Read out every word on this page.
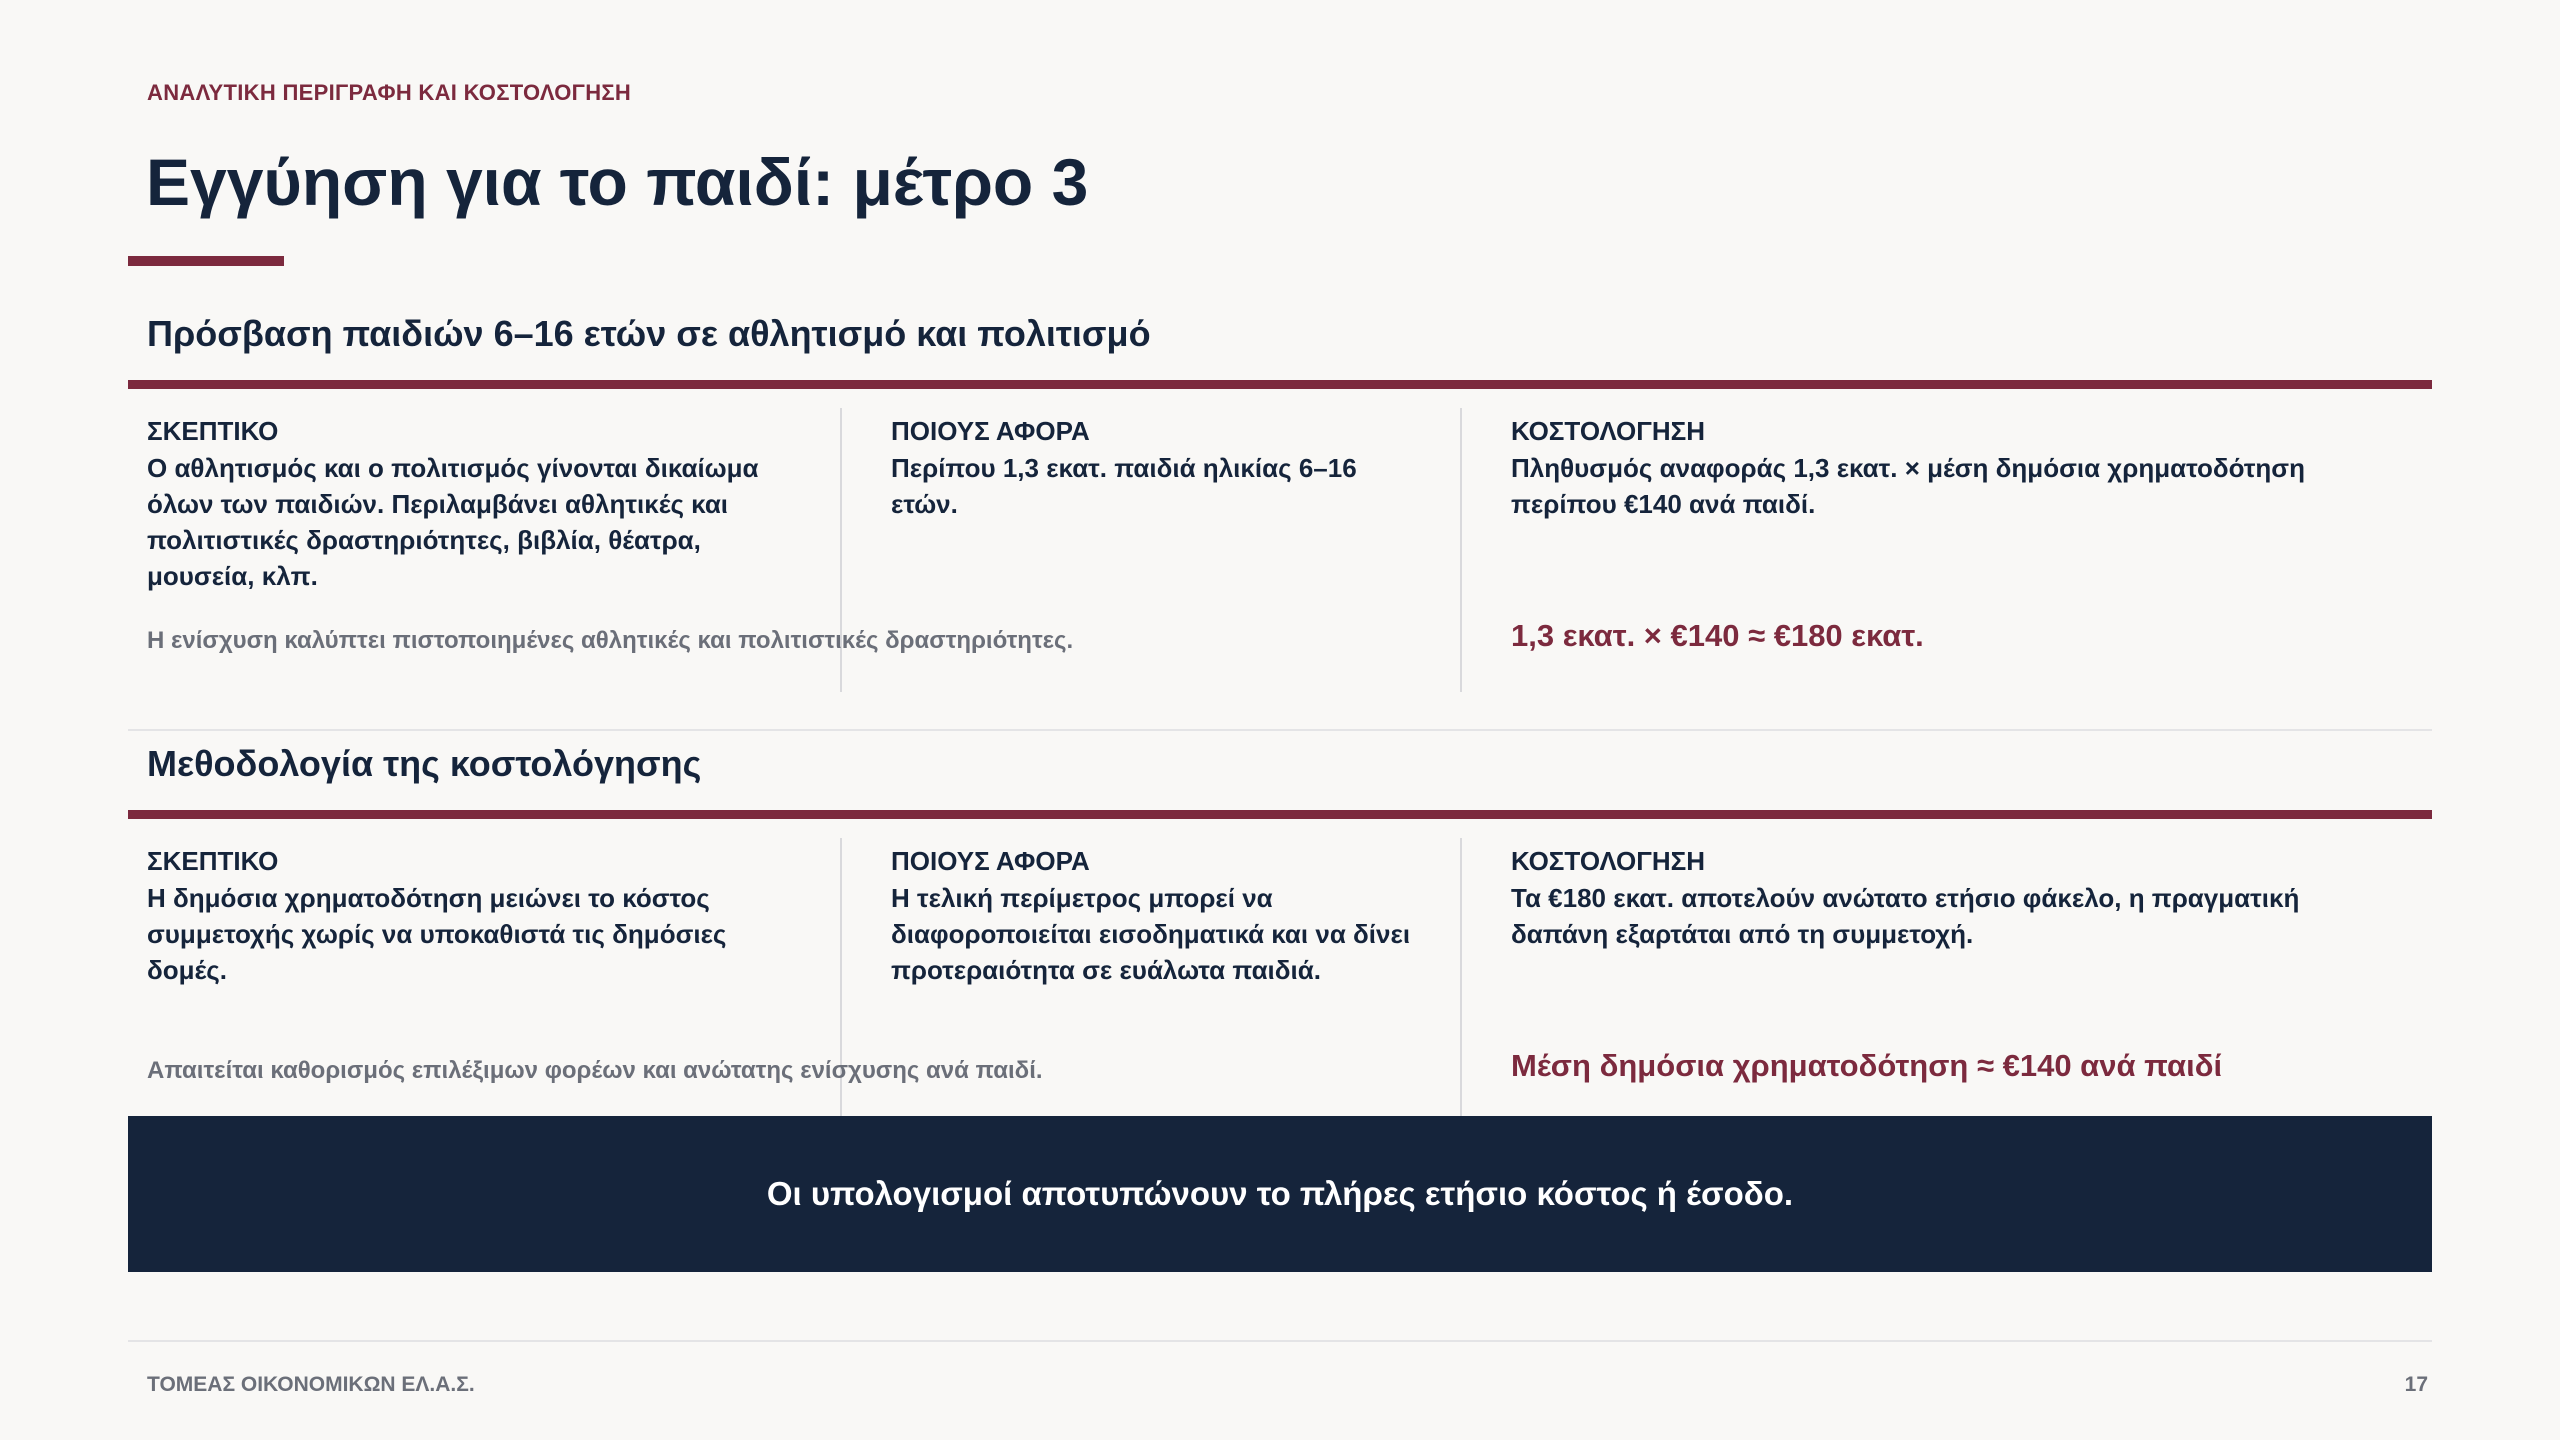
ΑΝΑΛΥΤΙΚΗ ΠΕΡΙΓΡΑΦΗ ΚΑΙ ΚΟΣΤΟΛΟΓΗΣΗ
Εγγύηση για το παιδί: μέτρο 3
Πρόσβαση παιδιών 6–16 ετών σε αθλητισμό και πολιτισμό
ΣΚΕΠΤΙΚΟ
Ο αθλητισμός και ο πολιτισμός γίνονται δικαίωμα όλων των παιδιών. Περιλαμβάνει αθλητικές και πολιτιστικές δραστηριότητες, βιβλία, θέατρα, μουσεία, κλπ.
ΠΟΙΟΥΣ ΑΦΟΡΑ
Περίπου 1,3 εκατ. παιδιά ηλικίας 6–16 ετών.
ΚΟΣΤΟΛΟΓΗΣΗ
Πληθυσμός αναφοράς 1,3 εκατ. × μέση δημόσια χρηματοδότηση περίπου €140 ανά παιδί.
Η ενίσχυση καλύπτει πιστοποιημένες αθλητικές και πολιτιστικές δραστηριότητες.	1,3 εκατ. × €140 ≈ €180 εκατ.
Μεθοδολογία της κοστολόγησης
ΣΚΕΠΤΙΚΟ
Η δημόσια χρηματοδότηση μειώνει το κόστος συμμετοχής χωρίς να υποκαθιστά τις δημόσιες δομές.
ΠΟΙΟΥΣ ΑΦΟΡΑ
Η τελική περίμετρος μπορεί να διαφοροποιείται εισοδηματικά και να δίνει προτεραιότητα σε ευάλωτα παιδιά.
ΚΟΣΤΟΛΟΓΗΣΗ
Τα €180 εκατ. αποτελούν ανώτατο ετήσιο φάκελο, η πραγματική δαπάνη εξαρτάται από τη συμμετοχή.
Απαιτείται καθορισμός επιλέξιμων φορέων και ανώτατης ενίσχυσης ανά παιδί.	Μέση δημόσια χρηματοδότηση ≈ €140 ανά παιδί
Οι υπολογισμοί αποτυπώνουν το πλήρες ετήσιο κόστος ή έσοδο.
ΤΟΜΕΑΣ ΟΙΚΟΝΟΜΙΚΩΝ ΕΛ.Α.Σ.	17
